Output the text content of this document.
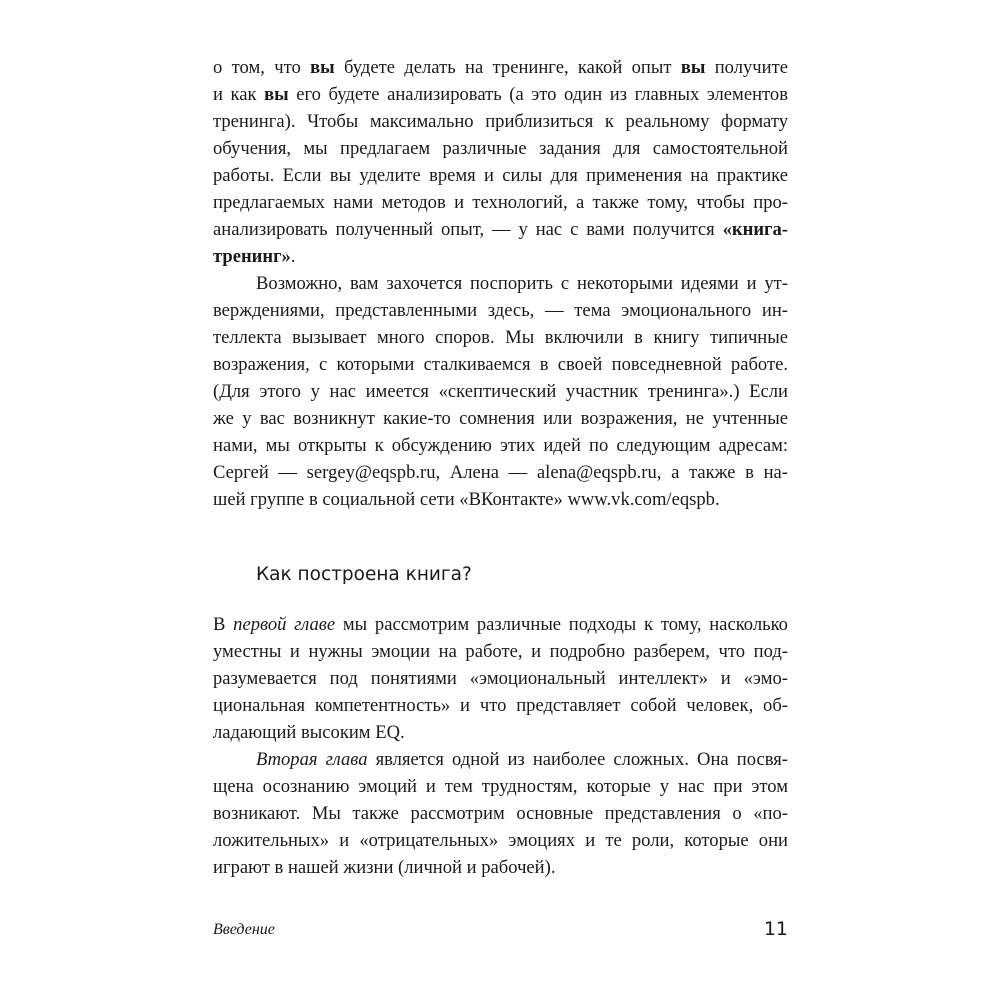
о том, что вы будете делать на тренинге, какой опыт вы получите
и как вы его будете анализировать (а это один из главных элементов
тренинга). Чтобы максимально приблизиться к реальному формату
обучения, мы предлагаем различные задания для самостоятельной
работы. Если вы уделите время и силы для применения на практике
предлагаемых нами методов и технологий, а также тому, чтобы про-
анализировать полученный опыт, — у нас с вами получится «книга-
тренинг».
Возможно, вам захочется поспорить с некоторыми идеями и ут-
верждениями, представленными здесь, — тема эмоционального ин-
теллекта вызывает много споров. Мы включили в книгу типичные
возражения, с которыми сталкиваемся в своей повседневной работе.
(Для этого у нас имеется «скептический участник тренинга».) Если
же у вас возникнут какие-то сомнения или возражения, не учтенные
нами, мы открыты к обсуждению этих идей по следующим адресам:
Сергей — sergey@eqspb.ru, Алена — alena@eqspb.ru, а также в на-
шей группе в социальной сети «ВКонтакте» www.vk.com/eqspb.
Как построена книга?
В первой главе мы рассмотрим различные подходы к тому, насколько
уместны и нужны эмоции на работе, и подробно разберем, что под-
разумевается под понятиями «эмоциональный интеллект» и «эмо-
циональная компетентность» и что представляет собой человек, об-
ладающий высоким EQ.
Вторая глава является одной из наиболее сложных. Она посвя-
щена осознанию эмоций и тем трудностям, которые у нас при этом
возникают. Мы также рассмотрим основные представления о «по-
ложительных» и «отрицательных» эмоциях и те роли, которые они
играют в нашей жизни (личной и рабочей).
Введение	11
